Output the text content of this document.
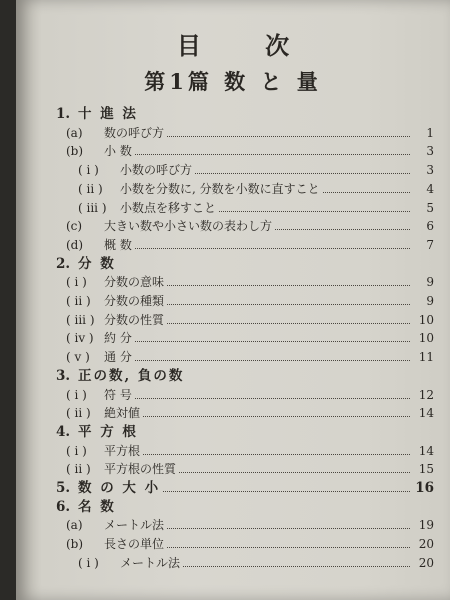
目 次
第1篇 数 と 量
1. 十 進 法
(a)	数の呼び方	1
(b)	小 数	3
( i )	小数の呼び方	3
( ii )	小数を分数に, 分数を小数に直すこと	4
( iii )	小数点を移すこと	5
(c)	大きい数や小さい数の表わし方	6
(d)	概 数	7
2. 分 数
( i )	分数の意味	9
( ii )	分数の種類	9
( iii ) 分数の性質	10
( iv ) 約 分	10
( v )	通 分	11
3. 正の数, 負の数
( i )	符 号	12
( ii )	絶対値	14
4. 平 方 根
( i )	平方根	14
( ii )	平方根の性質	15
5. 数 の 大 小	16
6. 名 数
(a)	メートル法	19
(b)	長さの単位	20
( i )	メートル法	20
